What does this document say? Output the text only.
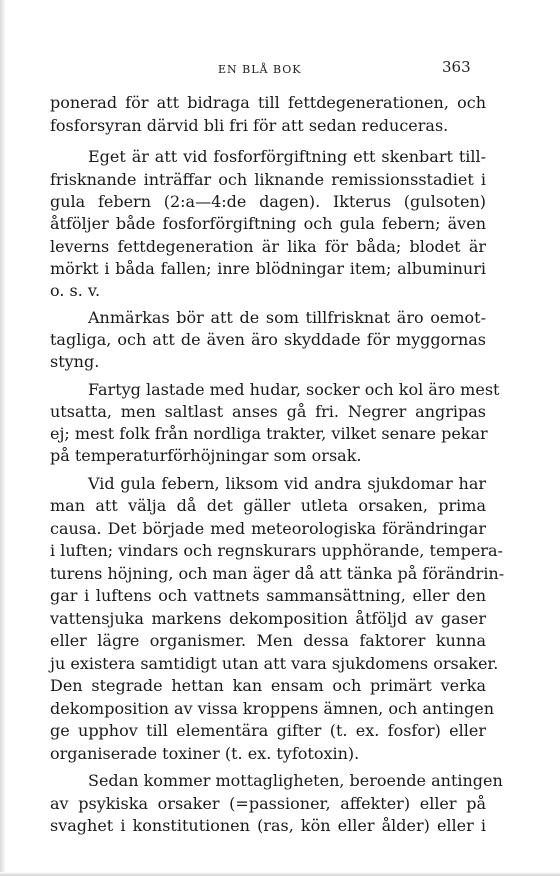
EN BLÅ BOK	363
ponerad för att bidraga till fettdegenerationen, och
fosforsyran därvid bli fri för att sedan reduceras.
Eget är att vid fosforförgiftning ett skenbart till-
frisknande inträffar och liknande remissionsstadiet i
gula febern (2:a—4:de dagen). Ikterus (gulsoten)
åtföljer både fosforförgiftning och gula febern; även
leverns fettdegeneration är lika för båda; blodet är
mörkt i båda fallen; inre blödningar item; albuminuri
o. s. v.
Anmärkas bör att de som tillfrisknat äro oemot-
tagliga, och att de även äro skyddade för myggornas
styng.
Fartyg lastade med hudar, socker och kol äro mest
utsatta, men saltlast anses gå fri. Negrer angripas
ej; mest folk från nordliga trakter, vilket senare pekar
på temperaturförhöjningar som orsak.
Vid gula febern, liksom vid andra sjukdomar har
man att välja då det gäller utleta orsaken, prima
causa. Det började med meteorologiska förändringar
i luften; vindars och regnskurars upphörande, tempera-
turens höjning, och man äger då att tänka på förändrin-
gar i luftens och vattnets sammansättning, eller den
vattensjuka markens dekomposition åtföljd av gaser
eller lägre organismer. Men dessa faktorer kunna
ju existera samtidigt utan att vara sjukdomens orsaker.
Den stegrade hettan kan ensam och primärt verka
dekomposition av vissa kroppens ämnen, och antingen
ge upphov till elementära gifter (t. ex. fosfor) eller
organiserade toxiner (t. ex. tyfotoxin).
Sedan kommer mottagligheten, beroende antingen
av psykiska orsaker (=passioner, affekter) eller på
svaghet i konstitutionen (ras, kön eller ålder) eller i
